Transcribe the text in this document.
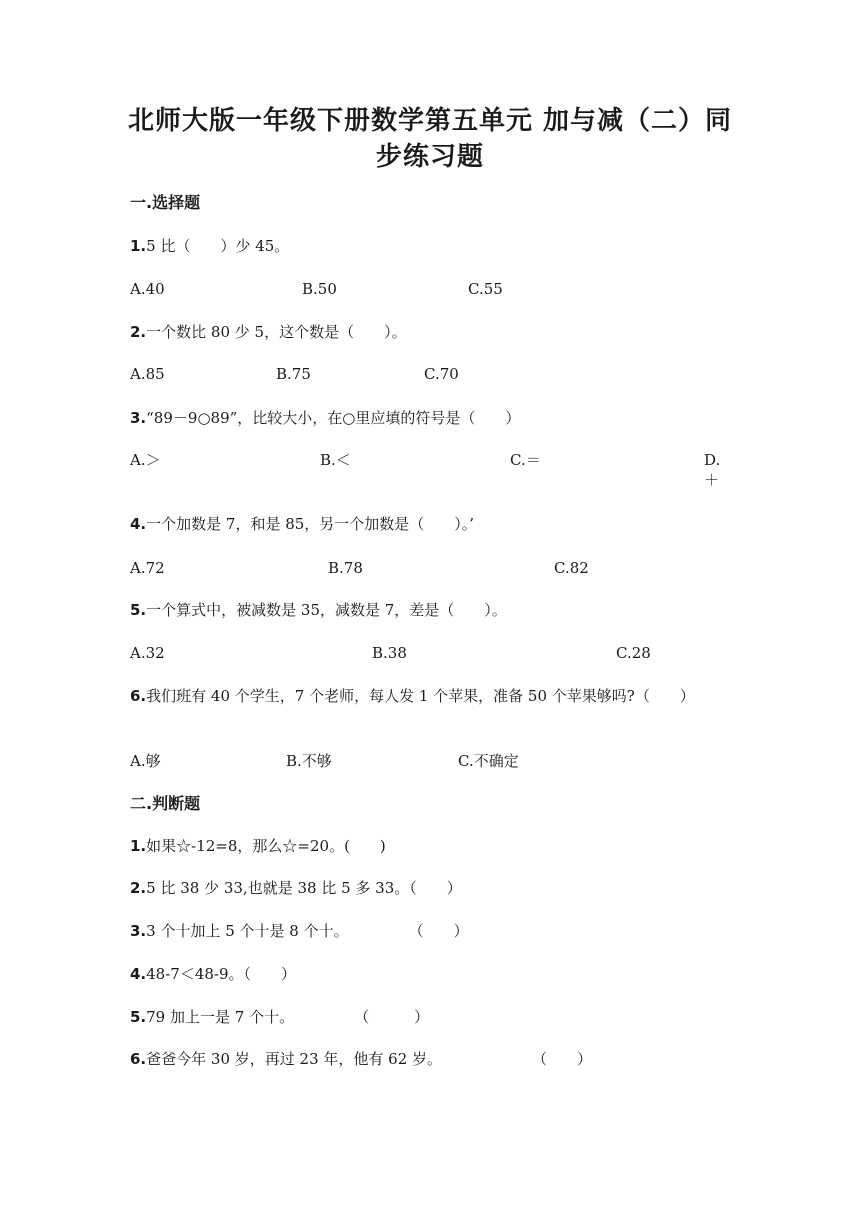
北师大版一年级下册数学第五单元 加与减（二）同步练习题
一.选择题
1.5 比（　　）少 45。
A.40	B.50	C.55
2.一个数比 80 少 5，这个数是（　　）。
A.85	B.75	C.70
3.“89－9○89”，比较大小，在○里应填的符号是（　　）
A.＞	B.＜	C.＝	D.＋
4.一个加数是 7，和是 85，另一个加数是（　　）。’
A.72	B.78	C.82
5.一个算式中，被减数是 35，减数是 7，差是（　　）。
A.32	B.38	C.28
6.我们班有 40 个学生，7 个老师，每人发 1 个苹果，准备 50 个苹果够吗?（　　）
A.够	B.不够	C.不确定
二.判断题
1.如果☆-12=8，那么☆=20。(　　)
2.5 比 38 少 33,也就是 38 比 5 多 33。（　　）
3.3 个十加上 5 个十是 8 个十。　　　　　（　　）
4.48-7＜48-9。（　　）
5.79 加上一是 7 个十。　　　　　（　　　）
6.爸爸今年 30 岁，再过 23 年，他有 62 岁。　　　　　　　（　　）
